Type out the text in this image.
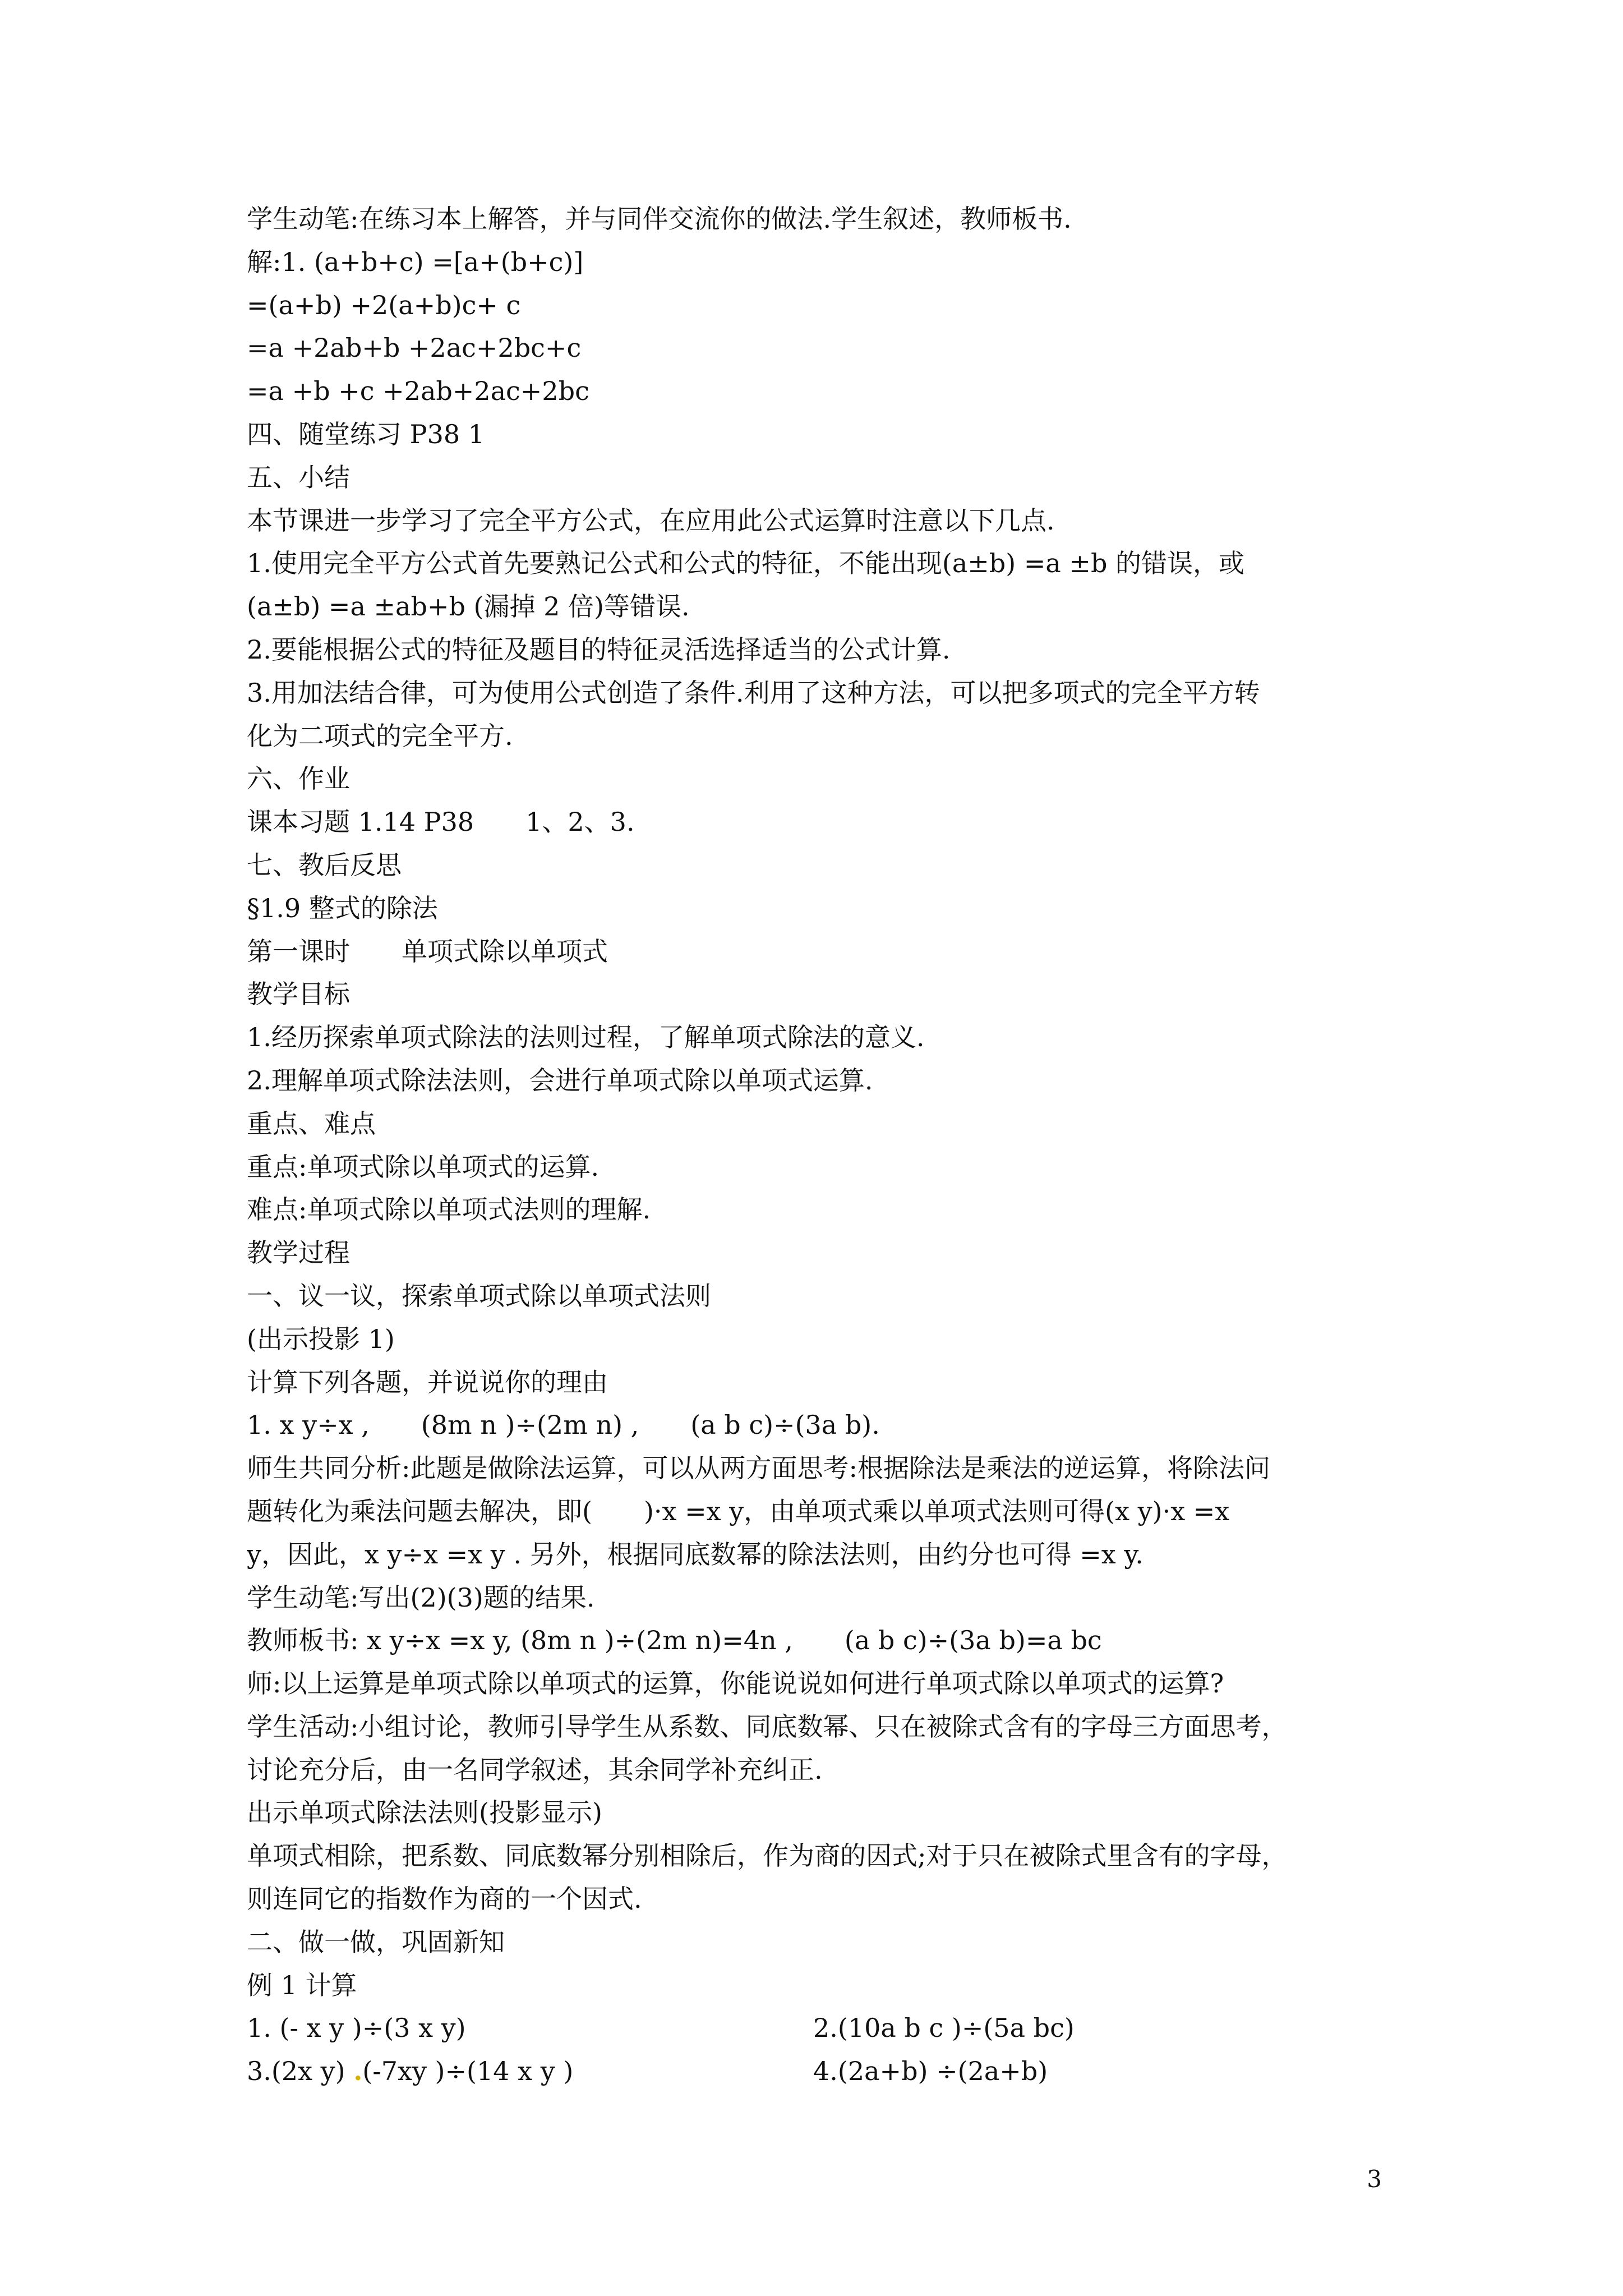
学生动笔:在练习本上解答，并与同伴交流你的做法.学生叙述，教师板书.
解:1. (a+b+c) =[a+(b+c)]
=(a+b) +2(a+b)c+ c
=a +2ab+b +2ac+2bc+c
=a +b +c +2ab+2ac+2bc
四、随堂练习 P38 1
五、小结
本节课进一步学习了完全平方公式，在应用此公式运算时注意以下几点.
1.使用完全平方公式首先要熟记公式和公式的特征，不能出现(a±b) =a ±b 的错误，或
(a±b) =a ±ab+b (漏掉 2 倍)等错误.
2.要能根据公式的特征及题目的特征灵活选择适当的公式计算.
3.用加法结合律，可为使用公式创造了条件.利用了这种方法，可以把多项式的完全平方转
化为二项式的完全平方.
六、作业
课本习题 1.14 P38　　1、2、3.
七、教后反思
§1.9 整式的除法
第一课时　　单项式除以单项式
教学目标
1.经历探索单项式除法的法则过程，了解单项式除法的意义.
2.理解单项式除法法则，会进行单项式除以单项式运算.
重点、难点
重点:单项式除以单项式的运算.
难点:单项式除以单项式法则的理解.
教学过程
一、议一议，探索单项式除以单项式法则
(出示投影 1)
计算下列各题，并说说你的理由
1. x y÷x ,　　(8m n )÷(2m n) ,　　(a b c)÷(3a b).
师生共同分析:此题是做除法运算，可以从两方面思考:根据除法是乘法的逆运算，将除法问
题转化为乘法问题去解决，即(　　)·x =x y，由单项式乘以单项式法则可得(x y)·x =x
y，因此，x y÷x =x y . 另外，根据同底数幂的除法法则，由约分也可得 =x y.
学生动笔:写出(2)(3)题的结果.
教师板书: x y÷x =x y, (8m n )÷(2m n)=4n ,　　(a b c)÷(3a b)=a bc
师:以上运算是单项式除以单项式的运算，你能说说如何进行单项式除以单项式的运算?
学生活动:小组讨论，教师引导学生从系数、同底数幂、只在被除式含有的字母三方面思考，
讨论充分后，由一名同学叙述，其余同学补充纠正.
出示单项式除法法则(投影显示)
单项式相除，把系数、同底数幂分别相除后，作为商的因式;对于只在被除式里含有的字母，
则连同它的指数作为商的一个因式.
二、做一做，巩固新知
例 1 计算
1. (- x y )÷(3 x y)	2.(10a b c )÷(5a bc)
3.(2x y) .(-7xy )÷(14 x y )	4.(2a+b) ÷(2a+b)
3
